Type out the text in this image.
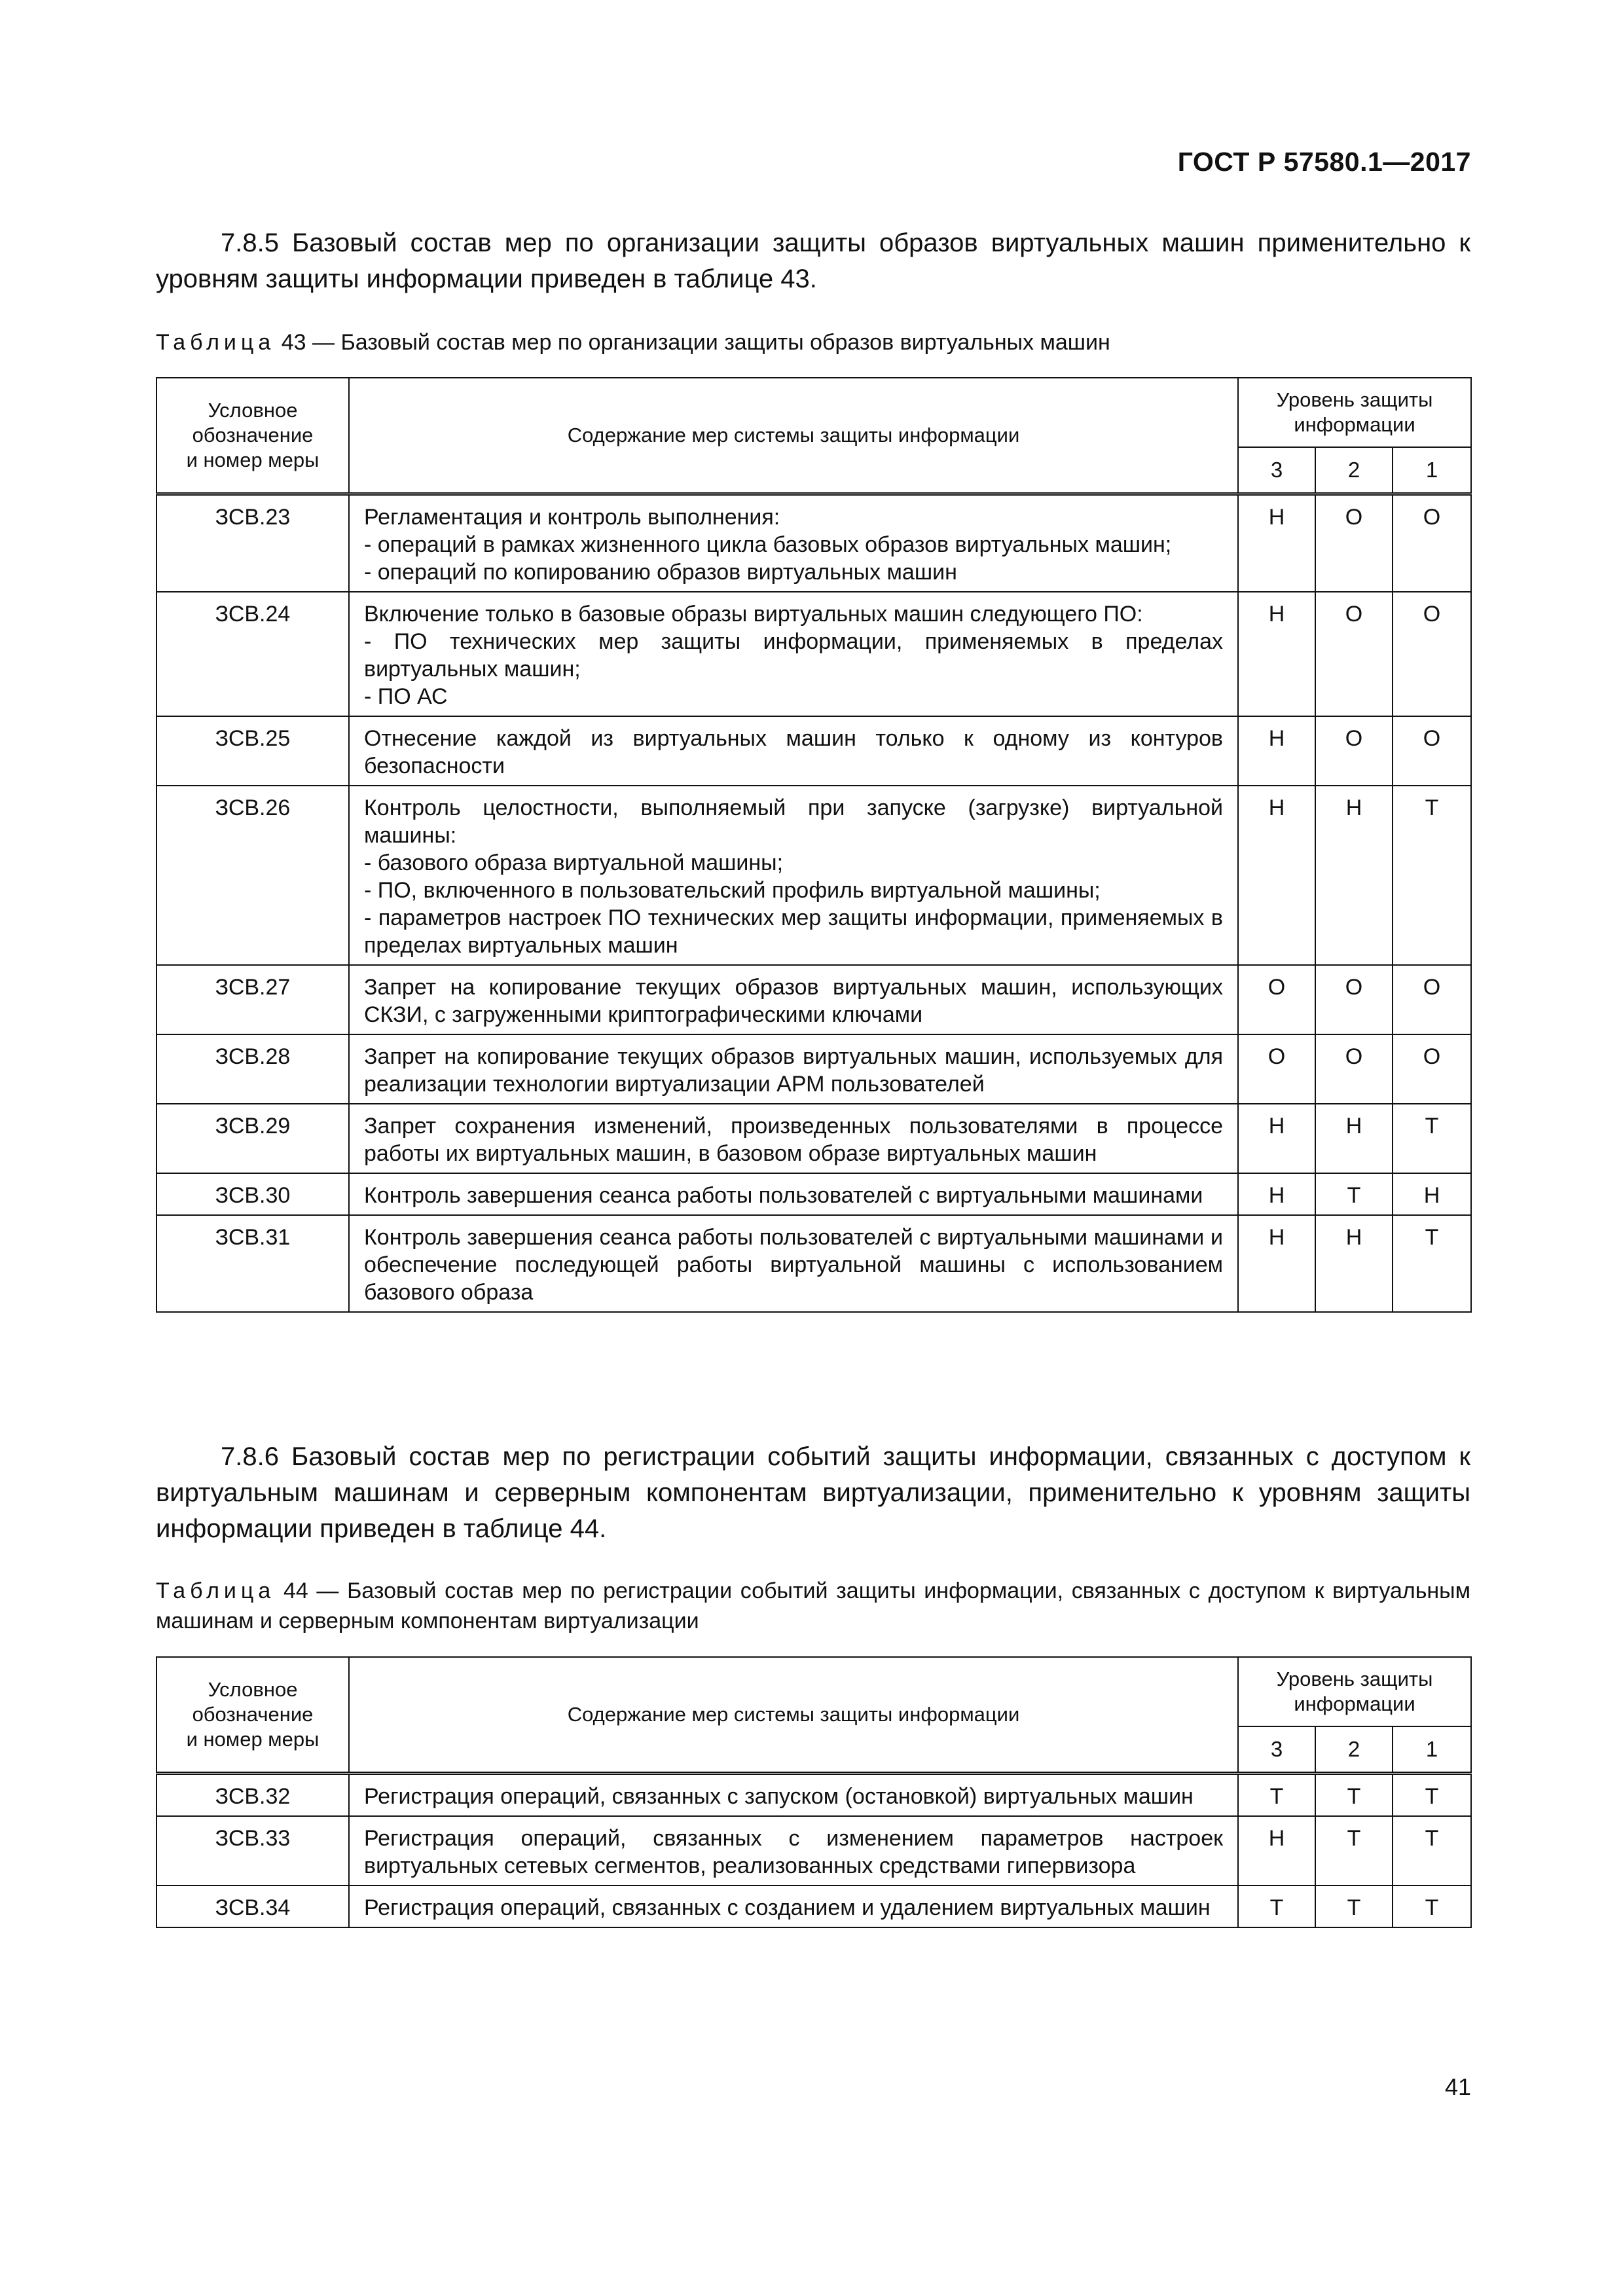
ГОСТ Р 57580.1—2017

7.8.5 Базовый состав мер по организации защиты образов виртуальных машин применительно к уровням защиты информации приведен в таблице 43.

Таблица 43 — Базовый состав мер по организации защиты образов виртуальных машин

Условное
обозначение
и номер меры	Содержание мер системы защиты информации	Уровень защиты
информации		
		3	2	1
ЗСВ.23	Регламентация и контроль выполнения:
- операций в рамках жизненного цикла базовых образов виртуальных машин;
- операций по копированию образов виртуальных машин	Н	О	О
ЗСВ.24	Включение только в базовые образы виртуальных машин следующего ПО:
- ПО технических мер защиты информации, применяемых в пределах виртуальных машин;
- ПО АС	Н	О	О
ЗСВ.25	Отнесение каждой из виртуальных машин только к одному из контуров безопасности	Н	О	О
ЗСВ.26	Контроль целостности, выполняемый при запуске (загрузке) виртуальной машины:
- базового образа виртуальной машины;
- ПО, включенного в пользовательский профиль виртуальной машины;
- параметров настроек ПО технических мер защиты информации, применяемых в пределах виртуальных машин	Н	Н	Т
ЗСВ.27	Запрет на копирование текущих образов виртуальных машин, использующих СКЗИ, с загруженными криптографическими ключами	О	О	О
ЗСВ.28	Запрет на копирование текущих образов виртуальных машин, используемых для реализации технологии виртуализации АРМ пользователей	О	О	О
ЗСВ.29	Запрет сохранения изменений, произведенных пользователями в процессе работы их виртуальных машин, в базовом образе виртуальных машин	Н	Н	Т
ЗСВ.30	Контроль завершения сеанса работы пользователей с виртуальными машинами	Н	Т	Н
ЗСВ.31	Контроль завершения сеанса работы пользователей с виртуальными машинами и обеспечение последующей работы виртуальной машины с использованием базового образа	Н	Н	Т

7.8.6 Базовый состав мер по регистрации событий защиты информации, связанных с доступом к виртуальным машинам и серверным компонентам виртуализации, применительно к уровням защиты информации приведен в таблице 44.

Таблица 44 — Базовый состав мер по регистрации событий защиты информации, связанных с доступом к виртуальным машинам и серверным компонентам виртуализации

Условное
обозначение
и номер меры	Содержание мер системы защиты информации	Уровень защиты
информации		
		3	2	1
ЗСВ.32	Регистрация операций, связанных с запуском (остановкой) виртуальных машин	Т	Т	Т
ЗСВ.33	Регистрация операций, связанных с изменением параметров настроек виртуальных сетевых сегментов, реализованных средствами гипервизора	Н	Т	Т
ЗСВ.34	Регистрация операций, связанных с созданием и удалением виртуальных машин	Т	Т	Т
41
